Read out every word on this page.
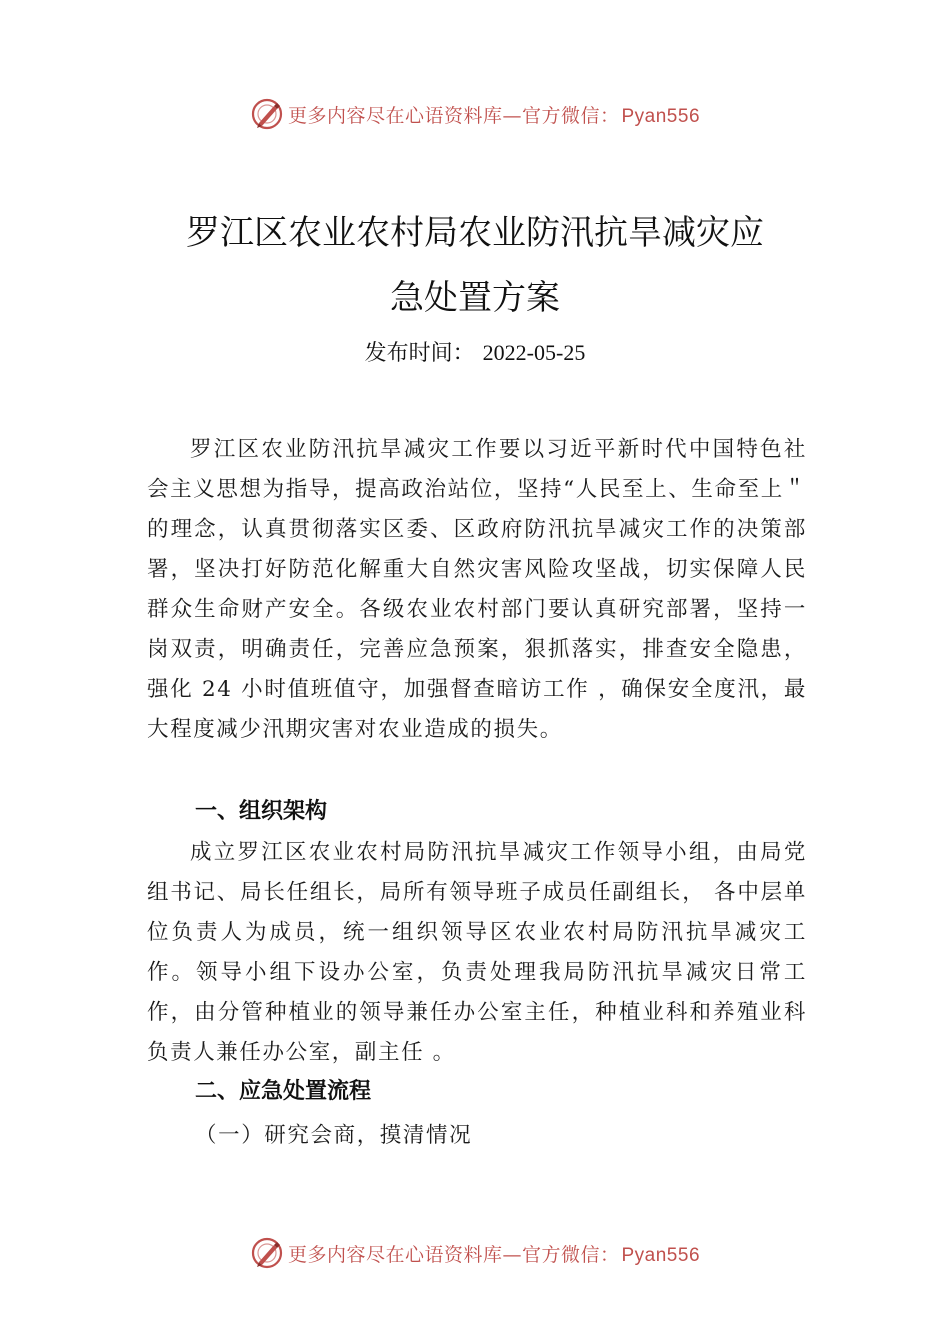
更多内容尽在心语资料库—官方微信： Pyan556
罗江区农业农村局农业防汛抗旱减灾应
急处置方案
发布时间： 2022-05-25

罗江区农业防汛抗旱减灾工作要以习近平新时代中国特色社会主义思想为指导，提高政治站位，坚持“人民至上、生命至上＂的理念，认真贯彻落实区委、区政府防汛抗旱减灾工作的决策部署，坚决打好防范化解重大自然灾害风险攻坚战，切实保障人民群众生命财产安全。各级农业农村部门要认真研究部署，坚持一岗双责，明确责任，完善应急预案，狠抓落实，排查安全隐患，强化 24 小时值班值守，加强督查暗访工作 ，确保安全度汛，最大程度减少汛期灾害对农业造成的损失。

一、组织架构

成立罗江区农业农村局防汛抗旱减灾工作领导小组，由局党组书记、局长任组长，局所有领导班子成员任副组长， 各中层单位负责人为成员，统一组织领导区农业农村局防汛抗旱减灾工作。领导小组下设办公室，负责处理我局防汛抗旱减灾日常工作，由分管种植业的领导兼任办公室主任，种植业科和养殖业科负责人兼任办公室，副主任 。

二、应急处置流程

（一）研究会商，摸清情况

更多内容尽在心语资料库—官方微信： Pyan556
